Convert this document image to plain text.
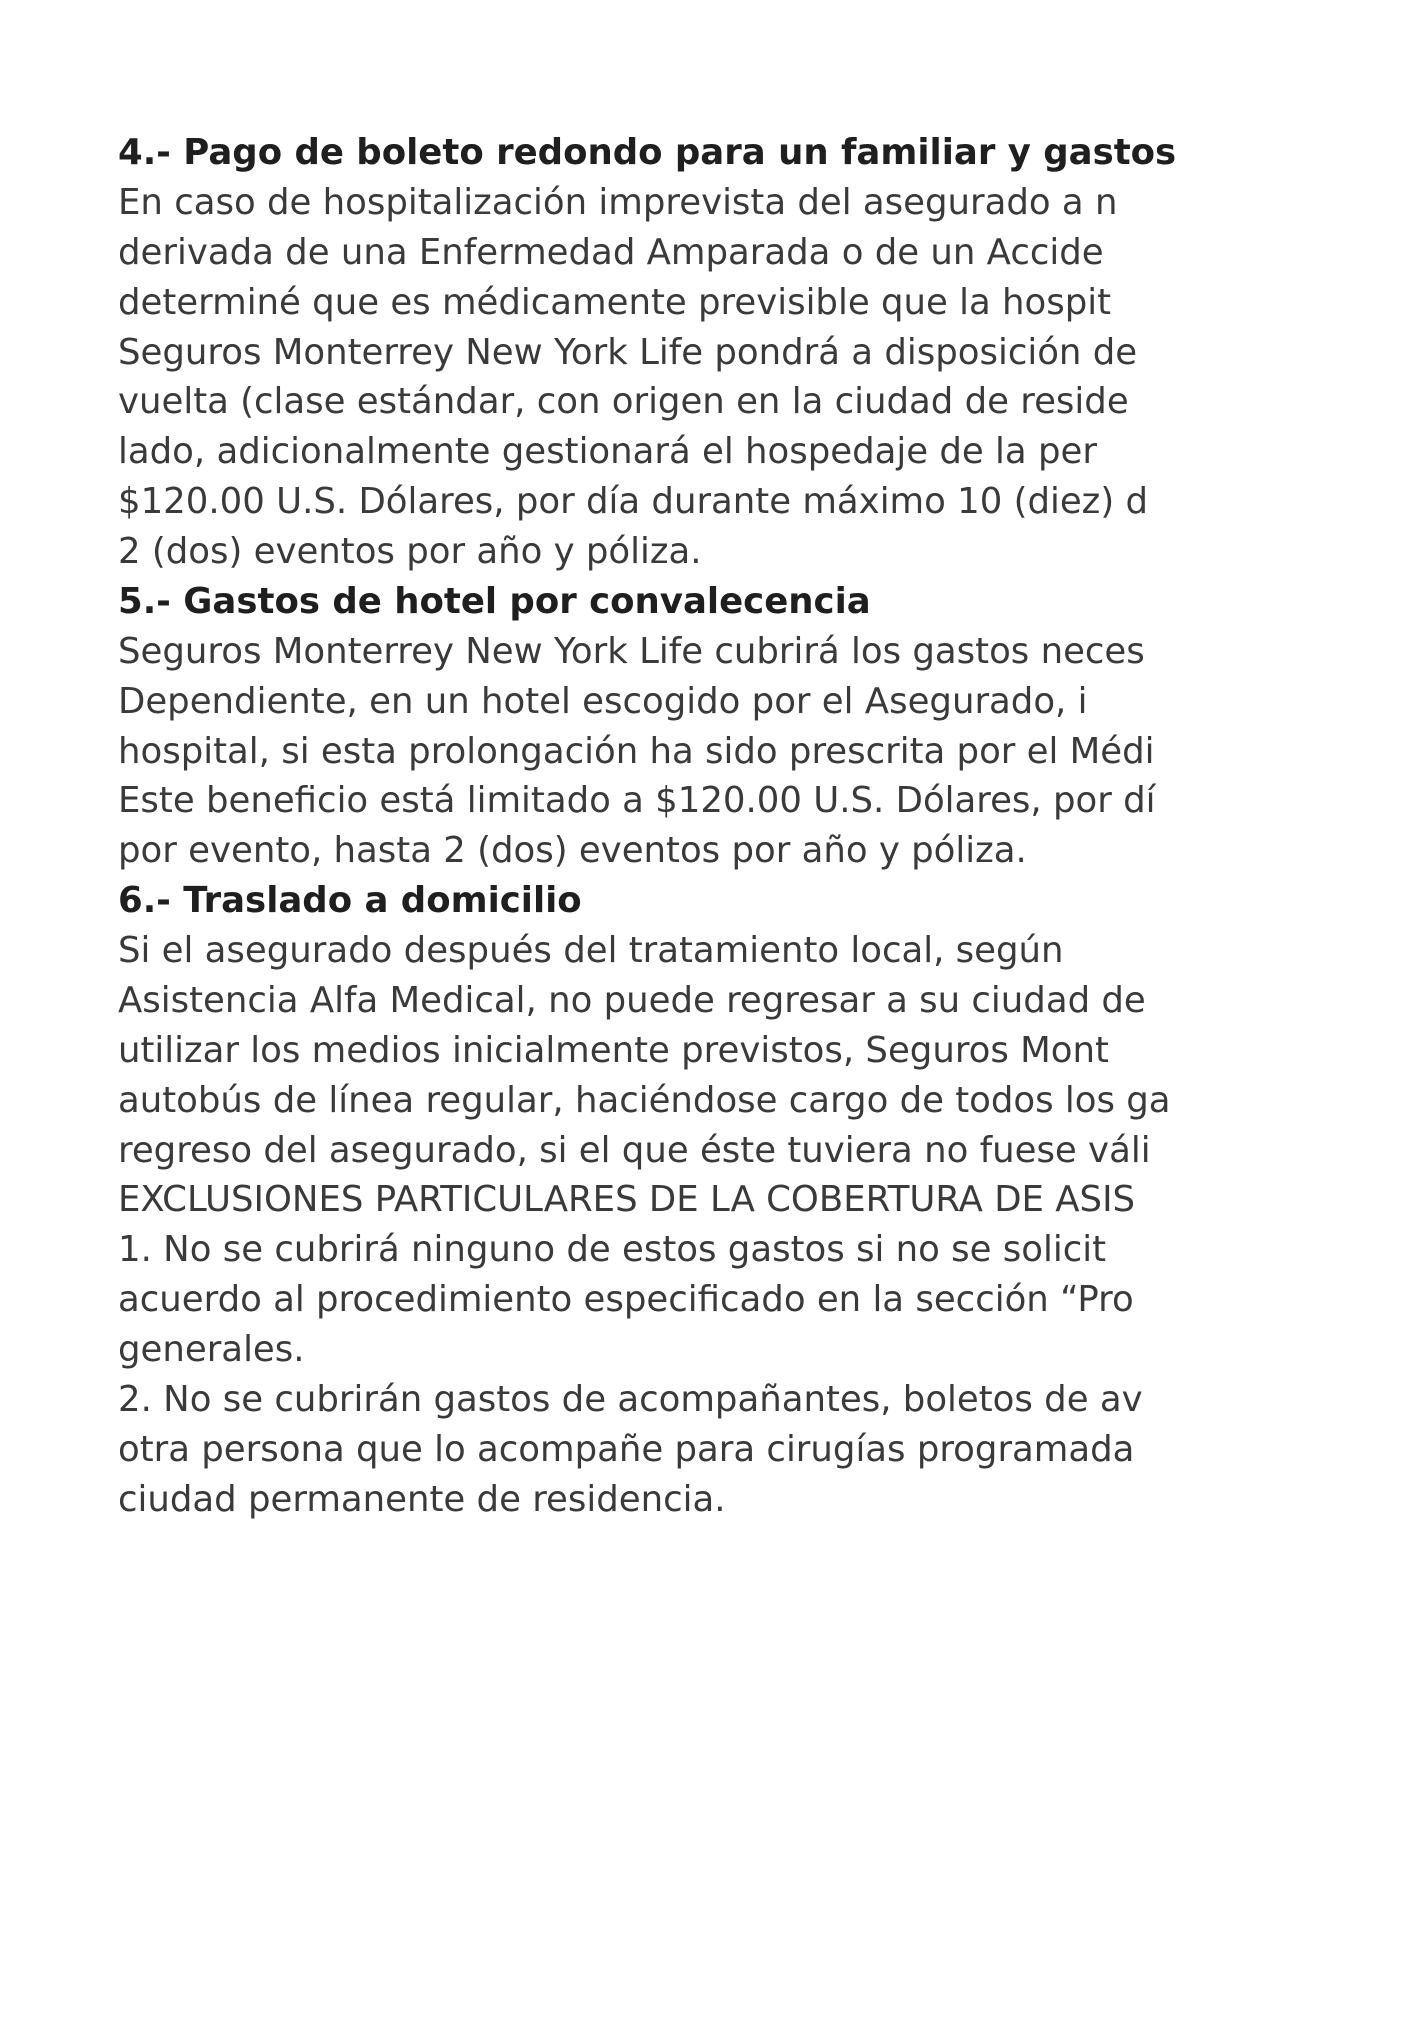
4.- Pago de boleto redondo para un familiar y gastos

En caso de hospitalización imprevista del asegurado a n

derivada de una Enfermedad Amparada o de un Accide

determiné que es médicamente previsible que la hospit

Seguros Monterrey New York Life pondrá a disposición de

vuelta (clase estándar, con origen en la ciudad de reside

lado, adicionalmente gestionará el hospedaje de la per

$120.00 U.S. Dólares, por día durante máximo 10 (diez) d

2 (dos) eventos por año y póliza.

5.- Gastos de hotel por convalecencia

Seguros Monterrey New York Life cubrirá los gastos neces

Dependiente, en un hotel escogido por el Asegurado, i

hospital, si esta prolongación ha sido prescrita por el Médi

Este beneficio está limitado a $120.00 U.S. Dólares, por dí

por evento, hasta 2 (dos) eventos por año y póliza.

6.- Traslado a domicilio

Si el asegurado después del tratamiento local, según

Asistencia Alfa Medical, no puede regresar a su ciudad de

utilizar los medios inicialmente previstos, Seguros Mont

autobús de línea regular, haciéndose cargo de todos los ga

regreso del asegurado, si el que éste tuviera no fuese váli

EXCLUSIONES PARTICULARES DE LA COBERTURA DE ASIS

1. No se cubrirá ninguno de estos gastos si no se solicit

acuerdo al procedimiento especificado en la sección “Pro

generales.

2. No se cubrirán gastos de acompañantes, boletos de av

otra persona que lo acompañe para cirugías programada

ciudad permanente de residencia.
